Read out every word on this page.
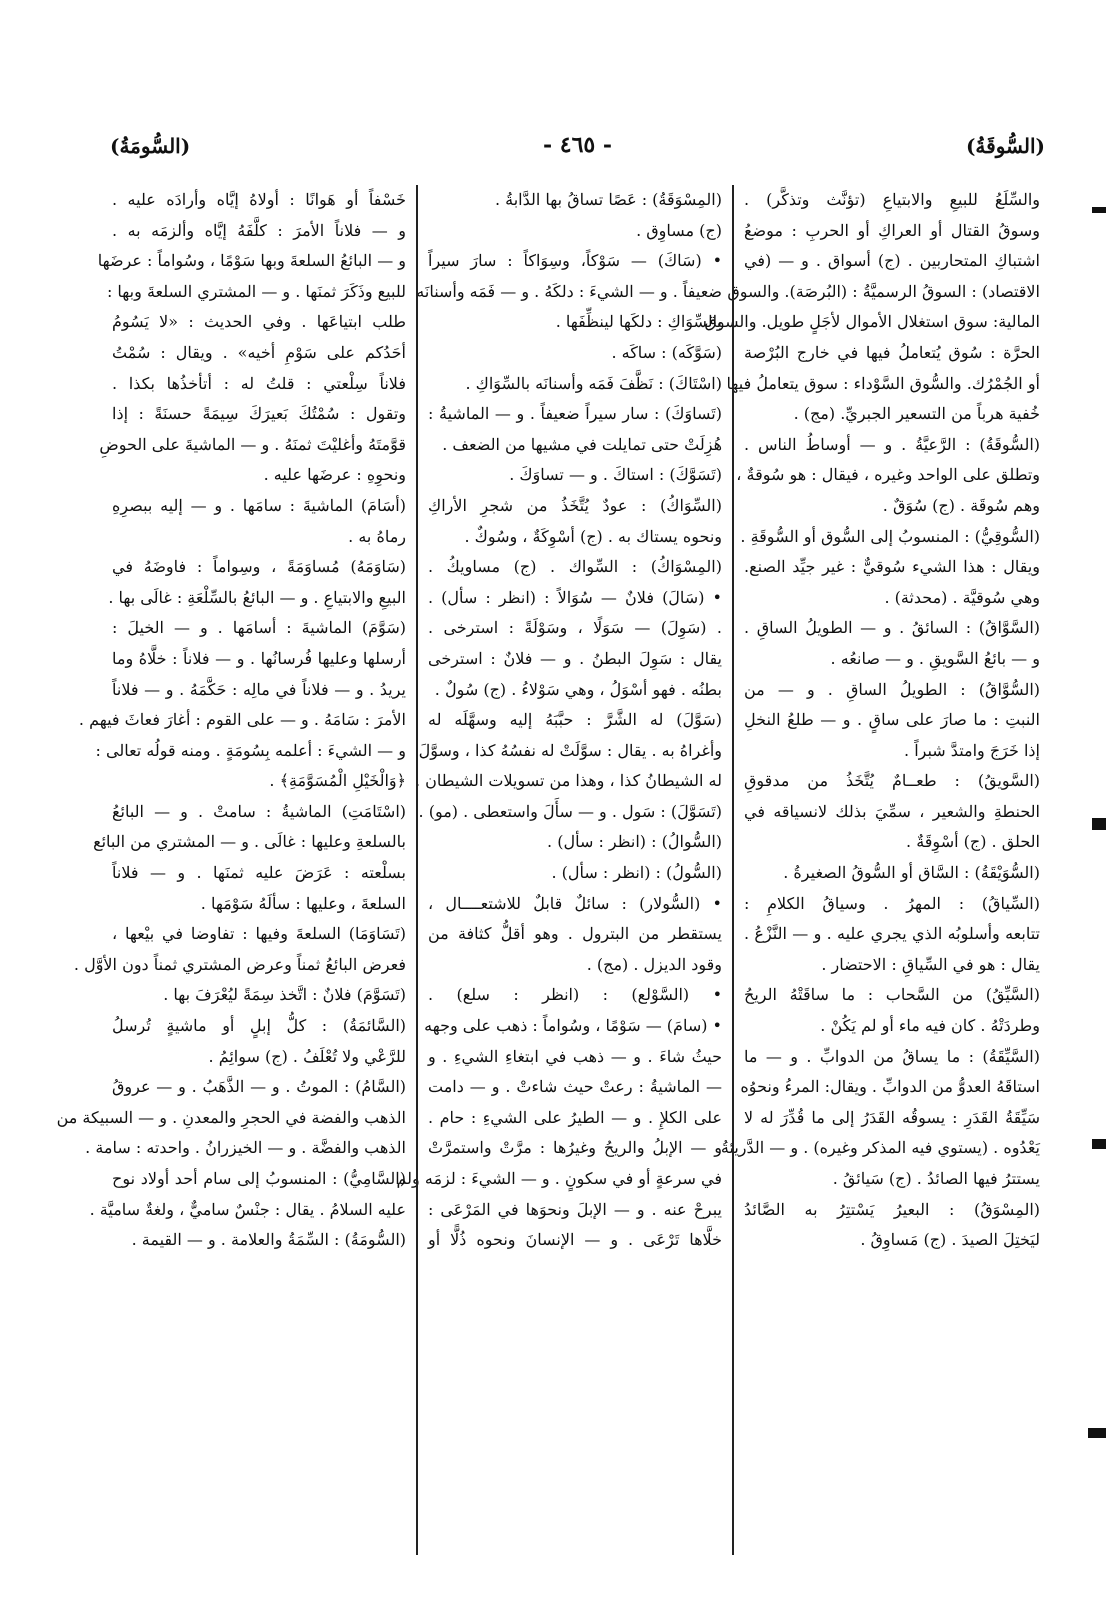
(السُّوقَةُ)
- ٤٦٥ -
(السُّومَةُ)
والسِّلَعُ للبيعِ والابتياعِ (تؤنَّث وتذكَّر) .
وسوقُ القتال أو العراكِ أو الحربِ : موضعُ
اشتباكِ المتحاربين . (ج) أسواق . و — (في
الاقتصاد) : السوقُ الرسميَّةُ : (البُرصَة). والسوق
المالية: سوق استغلال الأموال لأجَلٍ طويل. والسوق
الحرَّة : سُوق يُتعاملُ فيها في خارج البُرْصة
أو الجُمْرُك. والسُّوق السَّوْداء : سوق يتعاملُ فيها
خُفية هرباً من التسعير الجبريِّ. (مج) .
(السُّوقَةُ) : الرَّعيَّةُ . و — أوساطُ الناس .
وتطلق على الواحد وغيره ، فيقال : هو سُوقةٌ ،
وهم سُوقَة . (ج) سُوَقٌ .
(السُّوقِيُّ) : المنسوبُ إلى السُّوق أو السُّوقَةِ .
ويقال : هذا الشيء سُوقيٌّ : غير جيِّد الصنع.
وهي سُوقيَّة . (محدثة) .
(السَّوَّاقُ) : السائقُ . و — الطويلُ الساقِ .
و — بائعُ السَّويقِ . و — صانعُه .
(السُّوَّاقُ) : الطويلُ الساقِ . و — من
النبتِ : ما صارَ على ساقٍ . و — طلعُ النخلِ
إذا خَرَجَ وامتدَّ شبراً .
(السَّويقُ) : طعــامٌ يُتَّخَذُ من مدقوقِ
الحنطةِ والشعير ، سمِّيَ بذلك لانسياقه في
الحلق . (ج) أسْوِقَةٌ .
(السُّوَيْقَةُ) : السَّاق أو السُّوقُ الصغيرةُ .
(السِّياقُ) : المهرُ . وسياقُ الكلامِ :
تتابعه وأسلوبُه الذي يجري عليه . و — النَّزْعُ .
يقال : هو في السِّياقِ : الاحتضار .
(السَّيِّقُ) من السَّحاب : ما ساقَتْهُ الريحُ
وطردَتْهُ . كان فيه ماء أو لم يَكُنْ .
(السَّيِّقَةُ) : ما يساقُ من الدوابِّ . و — ما
استاقَهُ العدوُّ من الدوابِّ . ويقال: المرءُ ونحوُه
سَيِّقَةُ القَدَرِ : يسوقُه القَدَرُ إلى ما قُدِّرَ له لا
يَعْدُوه . (يستوي فيه المذكر وغيره) . و — الدَّريئةُ
يستترُ فيها الصائدُ . (ج) سَيائقُ .
(المِسْوَقُ) : البعيرُ يَسْتتِرُ به الصَّائدُ
ليَختِلَ الصيدَ . (ج) مَساوِقُ .
(المِسْوَقَةُ) : عَصًا تساقُ بها الدَّابةُ .
(ج) مساوِق .
• (سَاكَ) — سَوْكاً، وسِوَاكاً : سارَ سيراً
ضعيفاً . و — الشيءَ : دلكَهُ . و — فَمَه وأسنانَه
بالسِّوَاكِ : دلكَها لينظِّفَها .
(سَوَّكَه) : ساكَه .
(اسْتَاكَ) : نَظَّفَ فَمَه وأسنانَه بالسِّوَاكِ .
(تَساوَكَ) : سار سيراً ضعيفاً . و — الماشيةُ :
هُزِلَتْ حتى تمايلت في مشيها من الضعف .
(تَسَوَّكَ) : استاكَ . و — تساوَكَ .
(السِّوَاكُ) : عودٌ يُتَّخَذُ من شجرِ الأراكِ
ونحوه يستاك به . (ج) أسْوِكَةٌ ، وسُوكٌ .
(المِسْوَاكُ) : السِّواك . (ج) مساويكُ .
• (سَالَ) فلانٌ — سُوَالاً : (انظر : سأل) .
. (سَوِلَ) — سَوَلًا ، وسَوْلَةً : استرخى .
يقال : سَوِلَ البطنُ . و — فلانٌ : استرخى
بطنُه . فهو أسْوَلُ ، وهي سَوْلاءُ . (ج) سُولٌ .
(سَوَّلَ) له الشَّرَّ : حبَّبَهُ إليه وسهَّلَه له
وأغراهُ به . يقال : سوَّلَتْ له نفسُهُ كذا ، وسوَّلَ
له الشيطانُ كذا ، وهذا من تسويلات الشيطان .
(تَسَوَّلَ) : سَول . و — سأَلَ واستعطى . (مو) .
(السُّوالُ) : (انظر : سأل) .
(السُّولُ) : (انظر : سأل) .
• (السُّولار) : سائلٌ قابلٌ للاشتعــــال ،
يستقطر من البترول . وهو أقلُّ كثافة من
وقود الديزل . (مج) .
• (السَّوْلع) : (انظر : سلع) .
• (سامَ) — سَوْمًا ، وسُواماً : ذهب على وجهه
حيثُ شاءَ . و — ذهب في ابتغاءِ الشيءِ . و
— الماشيةُ : رعتْ حيث شاءتْ . و — دامت
على الكلإِ . و — الطيرُ على الشيءِ : حام .
و — الإبلُ والريحُ وغيرُها : مرَّتْ واستمرَّتْ
في سرعةٍ أو في سكونٍ . و — الشيءَ : لزمَه ولم
يبرحْ عنه . و — الإبلَ ونحوَها في المَرْعَى :
خلَّاها تَرْعَى . و — الإنسانَ ونحوه ذُلًّا أو
خَسْفاً أو هَوانًا : أولاهُ إيَّاه وأرادَه عليه .
و — فلاناً الأمرَ : كلَّفَهُ إيَّاه وألزمَه به .
و — البائعُ السلعةَ وبها سَوْمًا ، وسُواماً : عرضَها
للبيع وذَكَرَ ثمنَها . و — المشتري السلعةَ وبها :
طلب ابتياعَها . وفي الحديث : «لا يَسُومُ
أحَدُكم على سَوْمِ أخيه» . ويقال : سُمْتُ
فلاناً سِلْعتي : قلتُ له : أتأخذُها بكذا .
وتقول : سُمْتُكَ بَعيرَكَ سِيمَةً حسنَةً : إذا
قوَّمتَهُ وأغليْتَ ثمنَهُ . و — الماشيةَ على الحوضِ
ونحوِهِ : عرضَها عليه .
(أسَامَ) الماشيةَ : سامَها . و — إليه ببصرِهِ
رماهُ به .
(سَاوَمَهُ) مُساوَمَةً ، وسِواماً : فاوضَهُ في
البيعِ والابتياعِ . و — البائعُ بالسِّلْعَةِ : غالَى بها .
(سَوَّمَ) الماشيةَ : أسامَها . و — الخيلَ :
أرسلها وعليها فُرسانُها . و — فلاناً : خلَّاهُ وما
يريدُ . و — فلاناً في مالِه : حَكَّمَهُ . و — فلاناً
الأمرَ : سَامَهُ . و — على القوم : أغارَ فعاثَ فيهم .
و — الشيءَ : أعلمه بِسُومَةٍ . ومنه قولُه تعالى :
﴿وَالْخَيْلِ الْمُسَوَّمَةِ﴾ .
(اسْتَامَتِ) الماشيةُ : سامتْ . و — البائعُ
بالسلعةِ وعليها : غالَى . و — المشتري من البائع
بسلْعته : عَرَضَ عليه ثمنَها . و — فلاناً
السلعةَ ، وعليها : سألَهُ سَوْمَها .
(تَسَاوَمَا) السلعةَ وفيها : تفاوضا في بيْعها ،
فعرض البائعُ ثمناً وعرض المشتري ثمناً دون الأوَّل .
(تَسَوَّمَ) فلانٌ : اتَّخذ سِمَةً ليُعْرَفَ بها .
(السَّائمَةُ) : كلُّ إبلٍ أو ماشيةٍ تُرسلُ
للرَّعْي ولا تُعْلَفُ . (ج) سوائِمُ .
(السَّامُ) : الموتُ . و — الذَّهَبُ . و — عروقُ
الذهب والفضة في الحجرِ والمعدنِ . و — السبيكة من
الذهب والفضَّة . و — الخيزرانُ . واحدته : سامة .
(السَّامِيُّ) : المنسوبُ إلى سام أحد أولاد نوح
عليه السلامُ . يقال : جنْسٌ ساميٌّ ، ولغةٌ ساميَّة .
(السُّومَةُ) : السِّمَةُ والعلامة . و — القيمة .
